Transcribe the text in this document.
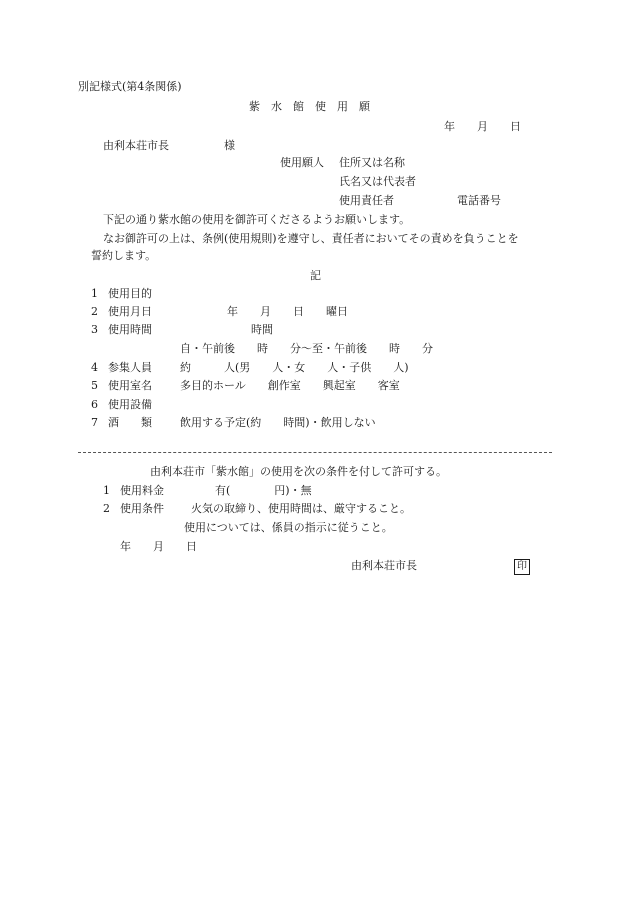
別記様式(第4条関係)
紫　水　館　使　用　願
年　　月　　日
由利本荘市長　　　　　様
使用願人 住所又は名称
氏名又は代表者
使用責任者	電話番号
下記の通り紫水館の使用を御許可くださるようお願いします。
なお御許可の上は、条例(使用規則)を遵守し、責任者においてその責めを負うことを
誓約します。
記
1 使用目的
2 使用月日	年　　月　　日　　曜日
3 使用時間	時間
自・午前後　　時　　分〜至・午前後　　時　　分
4 参集人員	約　　　人(男　　人・女　　人・子供　　人)
5 使用室名	多目的ホール　　創作室　　興起室　　客室
6 使用設備
7 酒　　類	飲用する予定(約　　時間)・飲用しない
由利本荘市「紫水館」の使用を次の条件を付して許可する。
1 使用料金	有(　　　　円)・無
2 使用条件 火気の取締り、使用時間は、厳守すること。
使用については、係員の指示に従うこと。
年　　月　　日
由利本荘市長	印
